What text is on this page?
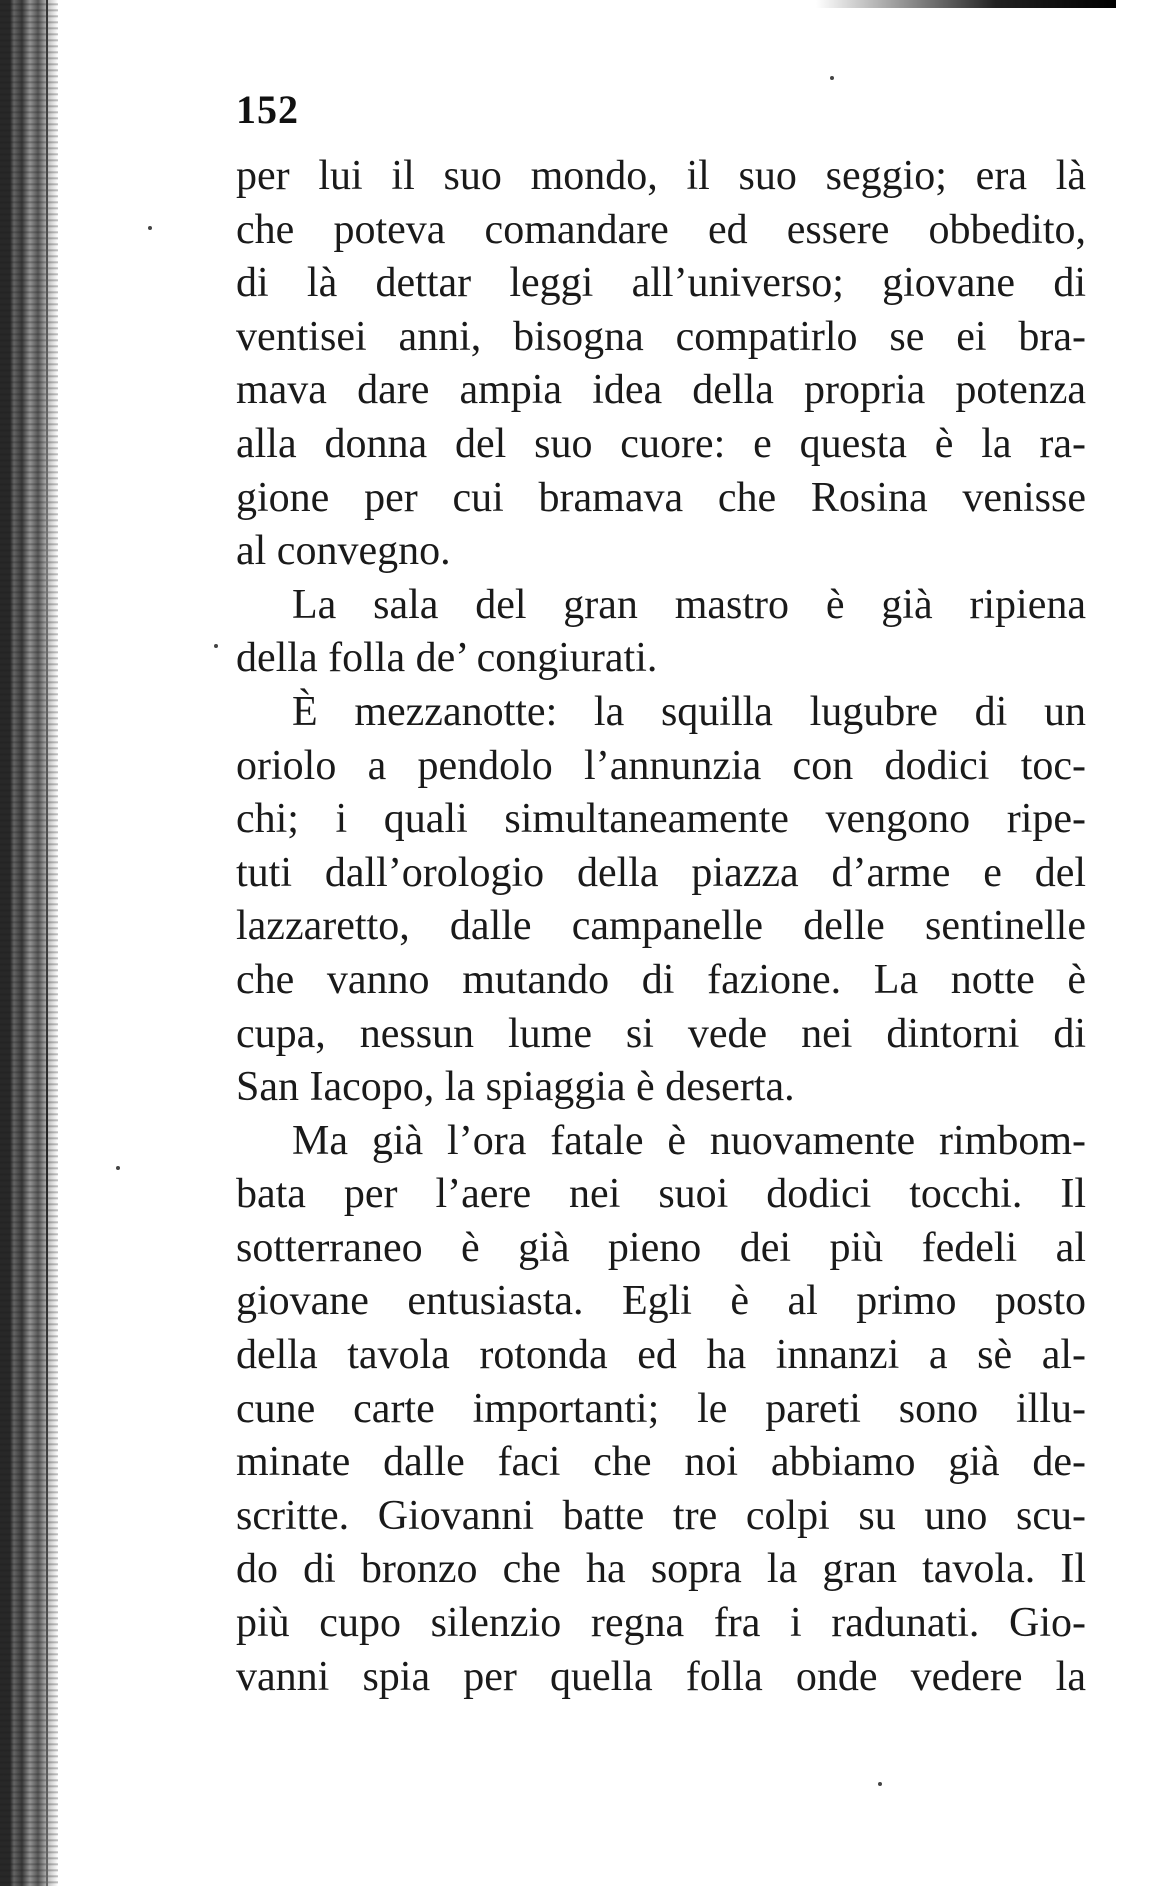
152
per lui il suo mondo, il suo seggio; era là
che poteva comandare ed essere obbedito,
di là dettar leggi all’universo; giovane di
ventisei anni, bisogna compatirlo se ei bra-
mava dare ampia idea della propria potenza
alla donna del suo cuore: e questa è la ra-
gione per cui bramava che Rosina venisse
al convegno.
La sala del gran mastro è già ripiena
della folla de’ congiurati.
È mezzanotte: la squilla lugubre di un
oriolo a pendolo l’annunzia con dodici toc-
chi; i quali simultaneamente vengono ripe-
tuti dall’orologio della piazza d’arme e del
lazzaretto, dalle campanelle delle sentinelle
che vanno mutando di fazione. La notte è
cupa, nessun lume si vede nei dintorni di
San Iacopo, la spiaggia è deserta.
Ma già l’ora fatale è nuovamente rimbom-
bata per l’aere nei suoi dodici tocchi. Il
sotterraneo è già pieno dei più fedeli al
giovane entusiasta. Egli è al primo posto
della tavola rotonda ed ha innanzi a sè al-
cune carte importanti; le pareti sono illu-
minate dalle faci che noi abbiamo già de-
scritte. Giovanni batte tre colpi su uno scu-
do di bronzo che ha sopra la gran tavola. Il
più cupo silenzio regna fra i radunati. Gio-
vanni spia per quella folla onde vedere la
